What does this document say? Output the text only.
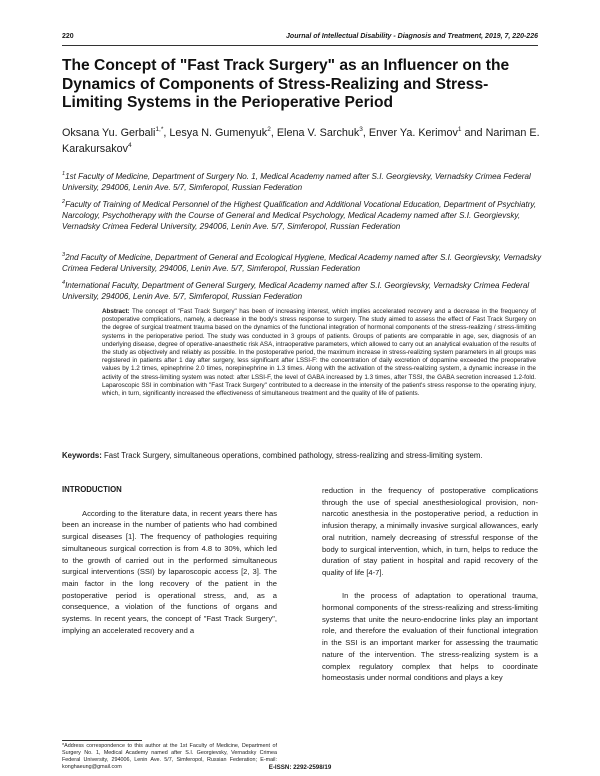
220	Journal of Intellectual Disability - Diagnosis and Treatment, 2019, 7, 220-226
The Concept of "Fast Track Surgery" as an Influencer on the Dynamics of Components of Stress-Realizing and Stress-Limiting Systems in the Perioperative Period
Oksana Yu. Gerbali$^{1,*}$, Lesya N. Gumenyuk$^2$, Elena V. Sarchuk$^3$, Enver Ya. Kerimov$^1$ and Nariman E. Karakursakov$^4$

$^1$1st Faculty of Medicine, Department of Surgery No. 1, Medical Academy named after S.I. Georgievsky, Vernadsky Crimea Federal University, 294006, Lenin Ave. 5/7, Simferopol, Russian Federation

$^2$Faculty of Training of Medical Personnel of the Highest Qualification and Additional Vocational Education, Department of Psychiatry, Narcology, Psychotherapy with the Course of General and Medical Psychology, Medical Academy named after S.I. Georgievsky, Vernadsky Crimea Federal University, 294006, Lenin Ave. 5/7, Simferopol, Russian Federation

$^3$2nd Faculty of Medicine, Department of General and Ecological Hygiene, Medical Academy named after S.I. Georgievsky, Vernadsky Crimea Federal University, 294006, Lenin Ave. 5/7, Simferopol, Russian Federation

$^4$International Faculty, Department of General Surgery, Medical Academy named after S.I. Georgievsky, Vernadsky Crimea Federal University, 294006, Lenin Ave. 5/7, Simferopol, Russian Federation

Abstract: The concept of "Fast Track Surgery" has been of increasing interest, which implies accelerated recovery and a decrease in the frequency of postoperative complications, namely, a decrease in the body's stress response to surgery. The study aimed to assess the effect of Fast Track Surgery on the degree of surgical treatment trauma based on the dynamics of the functional integration of hormonal components of the stress-realizing / stress-limiting systems in the perioperative period. The study was conducted in 3 groups of patients. Groups of patients are comparable in age, sex, diagnosis of an underlying disease, degree of operative-anaesthetic risk ASA, intraoperative parameters, which allowed to carry out an analytical evaluation of the results of the study as objectively and reliably as possible. In the postoperative period, the maximum increase in stress-realizing system parameters in all groups was registered in patients after 1 day after surgery, less significant after LSSI-F: the concentration of daily excretion of dopamine exceeded the preoperative values by 1.2 times, epinephrine 2.0 times, norepinephrine in 1.3 times. Along with the activation of the stress-realizing system, a dynamic increase in the activity of the stress-limiting system was noted: after LSSI-F, the level of GABA increased by 1.3 times, after TSSI, the GABA secretion increased 1.2-fold. Laparoscopic SSI in combination with "Fast Track Surgery" contributed to a decrease in the intensity of the patient's stress response to the operating injury, which, in turn, significantly increased the effectiveness of simultaneous treatment and the quality of life of patients.

Keywords: Fast Track Surgery, simultaneous operations, combined pathology, stress-realizing and stress-limiting system.

INTRODUCTION

According to the literature data, in recent years there has been an increase in the number of patients who had combined surgical diseases [1]. The frequency of pathologies requiring simultaneous surgical correction is from 4.8 to 30%, which led to the growth of carried out in the performed simultaneous surgical interventions (SSI) by laparoscopic access [2, 3]. The main factor in the long recovery of the patient in the postoperative period is operational stress, and, as a consequence, a violation of the functions of organs and systems. In recent years, the concept of "Fast Track Surgery", implying an accelerated recovery and a

reduction in the frequency of postoperative complications through the use of special anesthesiological provision, non-narcotic anesthesia in the postoperative period, a reduction in infusion therapy, a minimally invasive surgical allowances, early oral nutrition, namely decreasing of stressful response of the body to surgical intervention, which, in turn, helps to reduce the duration of stay patient in hospital and rapid recovery of the quality of life [4-7].

In the process of adaptation to operational trauma, hormonal components of the stress-realizing and stress-limiting systems that unite the neuro-endocrine links play an important role, and therefore the evaluation of their functional integration in the SSI is an important marker for assessing the traumatic nature of the intervention. The stress-realizing system is a complex regulatory complex that helps to coordinate homeostasis under normal conditions and plays a key

*Address correspondence to this author at the 1st Faculty of Medicine, Department of Surgery No. 1, Medical Academy named after S.I. Georgievsky, Vernadsky Crimea Federal University, 294006, Lenin Ave. 5/7, Simferopol, Russian Federation; E-mail: konghaeung@gmail.com	E-ISSN: 2292-2598/19
